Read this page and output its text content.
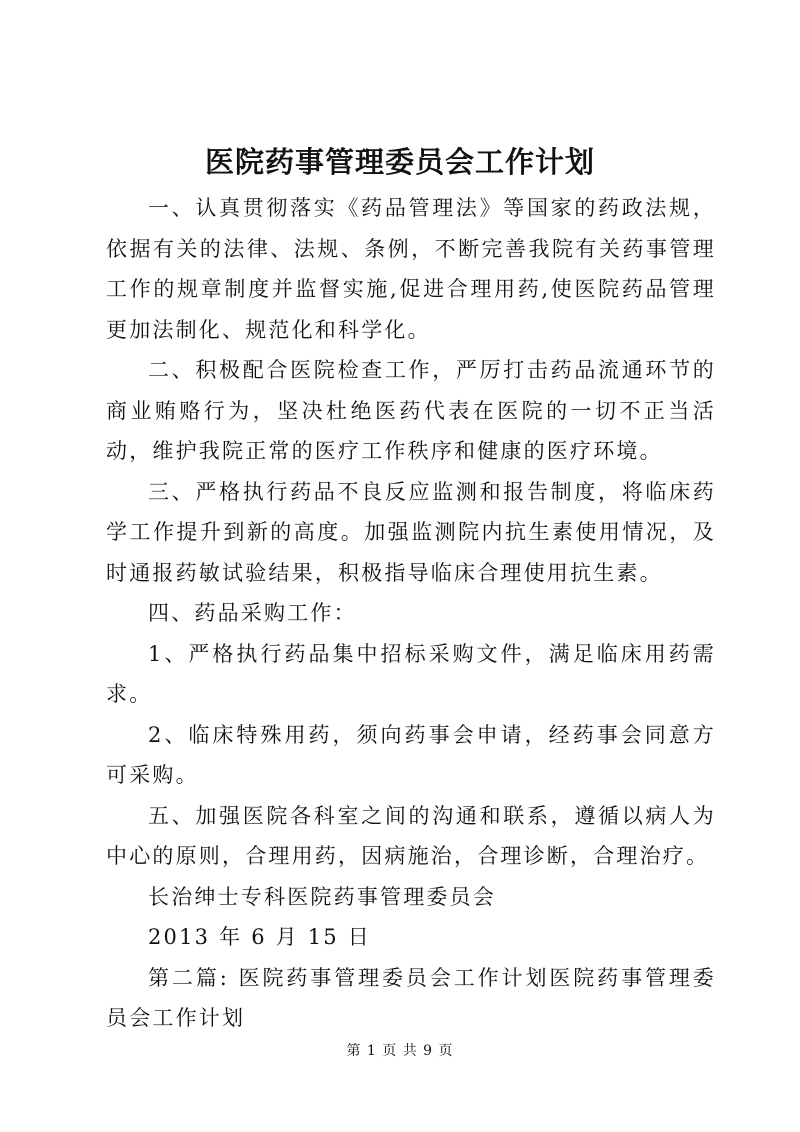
医院药事管理委员会工作计划

一、认真贯彻落实《药品管理法》等国家的药政法规，依据有关的法律、法规、条例，不断完善我院有关药事管理工作的规章制度并监督实施,促进合理用药,使医院药品管理更加法制化、规范化和科学化。

二、积极配合医院检查工作，严厉打击药品流通环节的商业贿赂行为，坚决杜绝医药代表在医院的一切不正当活动，维护我院正常的医疗工作秩序和健康的医疗环境。

三、严格执行药品不良反应监测和报告制度，将临床药学工作提升到新的高度。加强监测院内抗生素使用情况，及时通报药敏试验结果，积极指导临床合理使用抗生素。

四、药品采购工作：

1、严格执行药品集中招标采购文件，满足临床用药需求。

2、临床特殊用药，须向药事会申请，经药事会同意方可采购。

五、加强医院各科室之间的沟通和联系，遵循以病人为中心的原则，合理用药，因病施治，合理诊断，合理治疗。

长治绅士专科医院药事管理委员会

2013 年 6 月 15 日

第二篇: 医院药事管理委员会工作计划医院药事管理委员会工作计划

第 1 页 共 9 页
